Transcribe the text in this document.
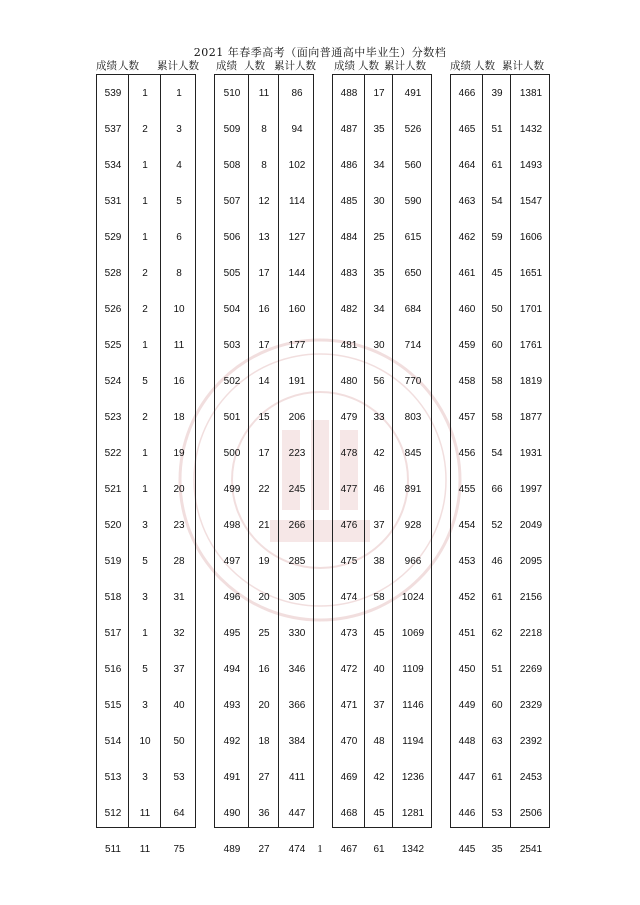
2021 年春季高考（面向普通高中毕业生）分数档
成绩 人数 累计人数 成绩 人数 累计人数 成绩 人数 累计人数 成绩 人数 累计人数
539	1	1
537	2	3
534	1	4
531	1	5
529	1	6
528	2	8
526	2	10
525	1	11
524	5	16
523	2	18
522	1	19
521	1	20
520	3	23
519	5	28
518	3	31
517	1	32
516	5	37
515	3	40
514	10	50
513	3	53
512	11	64
511	11	75
510	11	86
509	8	94
508	8	102
507	12	114
506	13	127
505	17	144
504	16	160
503	17	177
502	14	191
501	15	206
500	17	223
499	22	245
498	21	266
497	19	285
496	20	305
495	25	330
494	16	346
493	20	366
492	18	384
491	27	411
490	36	447
489	27	474
488	17	491
487	35	526
486	34	560
485	30	590
484	25	615
483	35	650
482	34	684
481	30	714
480	56	770
479	33	803
478	42	845
477	46	891
476	37	928
475	38	966
474	58	1024
473	45	1069
472	40	1109
471	37	1146
470	48	1194
469	42	1236
468	45	1281
467	61	1342
466	39	1381
465	51	1432
464	61	1493
463	54	1547
462	59	1606
461	45	1651
460	50	1701
459	60	1761
458	58	1819
457	58	1877
456	54	1931
455	66	1997
454	52	2049
453	46	2095
452	61	2156
451	62	2218
450	51	2269
449	60	2329
448	63	2392
447	61	2453
446	53	2506
445	35	2541
1
